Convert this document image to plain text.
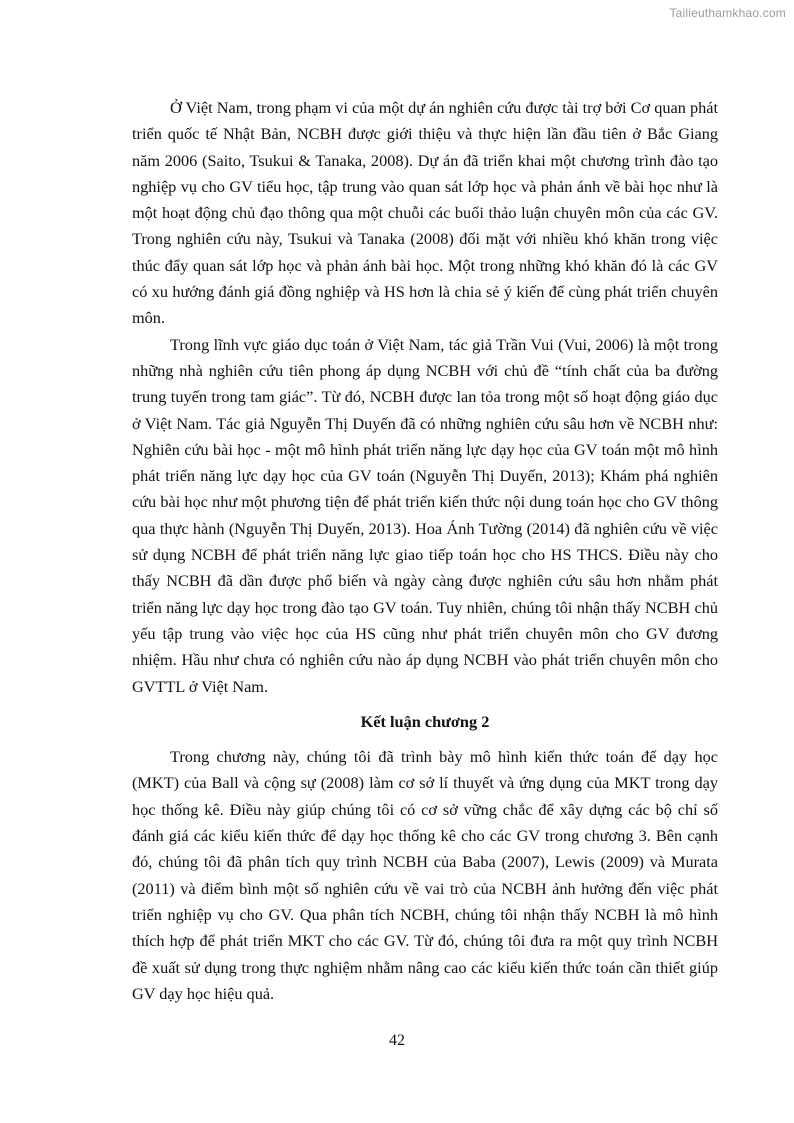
Tailieuthamkhao.com

Ở Việt Nam, trong phạm vi của một dự án nghiên cứu được tài trợ bởi Cơ quan phát triển quốc tế Nhật Bản, NCBH được giới thiệu và thực hiện lần đầu tiên ở Bắc Giang năm 2006 (Saito, Tsukui & Tanaka, 2008). Dự án đã triển khai một chương trình đào tạo nghiệp vụ cho GV tiểu học, tập trung vào quan sát lớp học và phản ánh về bài học như là một hoạt động chủ đạo thông qua một chuỗi các buổi thảo luận chuyên môn của các GV. Trong nghiên cứu này, Tsukui và Tanaka (2008) đối mặt với nhiều khó khăn trong việc thúc đẩy quan sát lớp học và phản ánh bài học. Một trong những khó khăn đó là các GV có xu hướng đánh giá đồng nghiệp và HS hơn là chia sẻ ý kiến để cùng phát triển chuyên môn.

Trong lĩnh vực giáo dục toán ở Việt Nam, tác giả Trần Vui (Vui, 2006) là một trong những nhà nghiên cứu tiên phong áp dụng NCBH với chủ đề “tính chất của ba đường trung tuyến trong tam giác”. Từ đó, NCBH được lan tỏa trong một số hoạt động giáo dục ở Việt Nam. Tác giả Nguyễn Thị Duyến đã có những nghiên cứu sâu hơn về NCBH như: Nghiên cứu bài học - một mô hình phát triển năng lực dạy học của GV toán một mô hình phát triển năng lực dạy học của GV toán (Nguyễn Thị Duyến, 2013); Khám phá nghiên cứu bài học như một phương tiện để phát triển kiến thức nội dung toán học cho GV thông qua thực hành (Nguyễn Thị Duyến, 2013). Hoa Ánh Tường (2014) đã nghiên cứu về việc sử dụng NCBH để phát triển năng lực giao tiếp toán học cho HS THCS. Điều này cho thấy NCBH đã dần được phổ biến và ngày càng được nghiên cứu sâu hơn nhằm phát triển năng lực dạy học trong đào tạo GV toán. Tuy nhiên, chúng tôi nhận thấy NCBH chủ yếu tập trung vào việc học của HS cũng như phát triển chuyên môn cho GV đương nhiệm. Hầu như chưa có nghiên cứu nào áp dụng NCBH vào phát triển chuyên môn cho GVTTL ở Việt Nam.

Kết luận chương 2

Trong chương này, chúng tôi đã trình bày mô hình kiến thức toán để dạy học (MKT) của Ball và cộng sự (2008) làm cơ sở lí thuyết và ứng dụng của MKT trong dạy học thống kê. Điều này giúp chúng tôi có cơ sở vững chắc để xây dựng các bộ chỉ số đánh giá các kiểu kiến thức để dạy học thống kê cho các GV trong chương 3. Bên cạnh đó, chúng tôi đã phân tích quy trình NCBH của Baba (2007), Lewis (2009) và Murata (2011) và điểm bình một số nghiên cứu về vai trò của NCBH ảnh hưởng đến việc phát triển nghiệp vụ cho GV. Qua phân tích NCBH, chúng tôi nhận thấy NCBH là mô hình thích hợp để phát triển MKT cho các GV. Từ đó, chúng tôi đưa ra một quy trình NCBH đề xuất sử dụng trong thực nghiệm nhằm nâng cao các kiểu kiến thức toán cần thiết giúp GV dạy học hiệu quả.

42
